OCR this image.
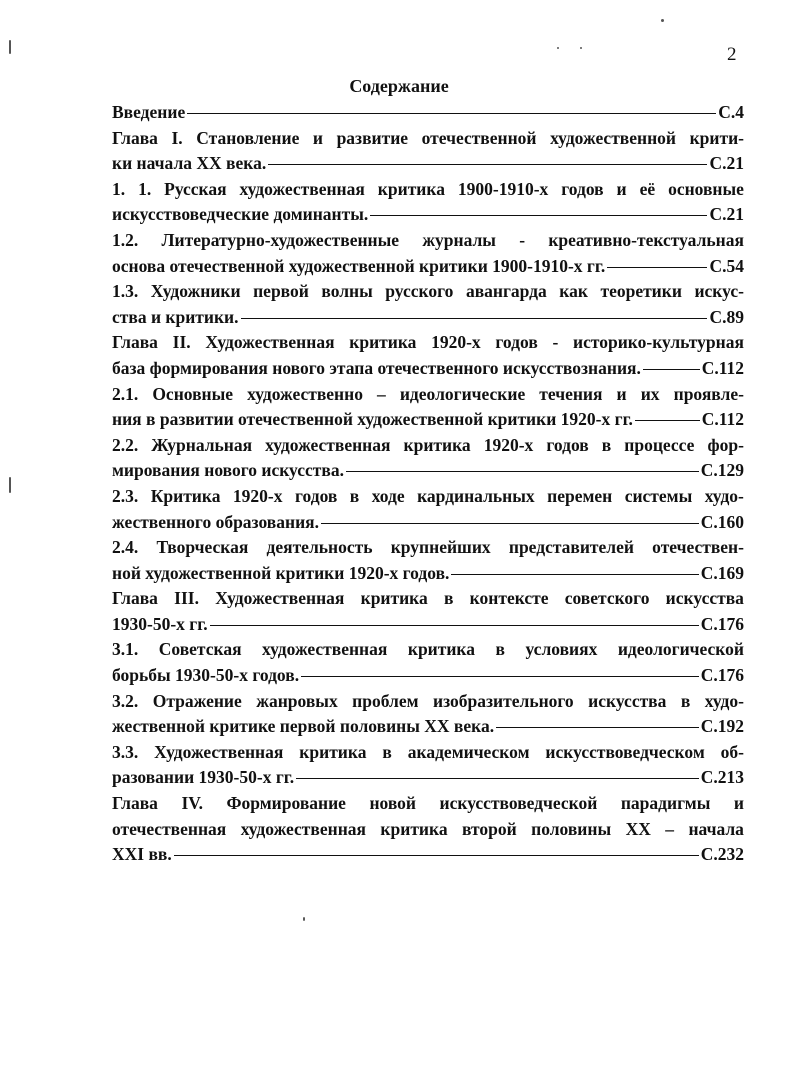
2
Содержание
Введение	С.4
Глава I. Становление и развитие отечественной художественной крити-
ки начала XX века.	С.21
1. 1. Русская художественная критика 1900-1910-х годов и её основные
искусствоведческие доминанты.	С.21
1.2. Литературно-художественные журналы - креативно-текстуальная
основа отечественной художественной критики 1900-1910-х гг.	С.54
1.3. Художники первой волны русского авангарда как теоретики искус-
ства и критики.	С.89
Глава II. Художественная критика 1920-х годов - историко-культурная
база формирования нового этапа отечественного искусствознания.	С.112
2.1. Основные художественно – идеологические течения и их проявле-
ния в развитии отечественной художественной критики 1920-х гг.	С.112
2.2. Журнальная художественная критика 1920-х годов в процессе фор-
мирования нового искусства.	С.129
2.3. Критика 1920-х годов в ходе кардинальных перемен системы худо-
жественного образования.	С.160
2.4. Творческая деятельность крупнейших представителей отечествен-
ной художественной критики 1920-х годов.	С.169
Глава III. Художественная критика в контексте советского искусства
1930-50-х гг.	С.176
3.1. Советская художественная критика в условиях идеологической
борьбы 1930-50-х годов.	С.176
3.2. Отражение жанровых проблем изобразительного искусства в худо-
жественной критике первой половины XX века.	С.192
3.3. Художественная критика в академическом искусствоведческом об-
разовании 1930-50-х гг.	С.213
Глава IV. Формирование новой искусствоведческой парадигмы и
отечественная художественная критика второй половины XX – начала
XXI вв.	С.232
